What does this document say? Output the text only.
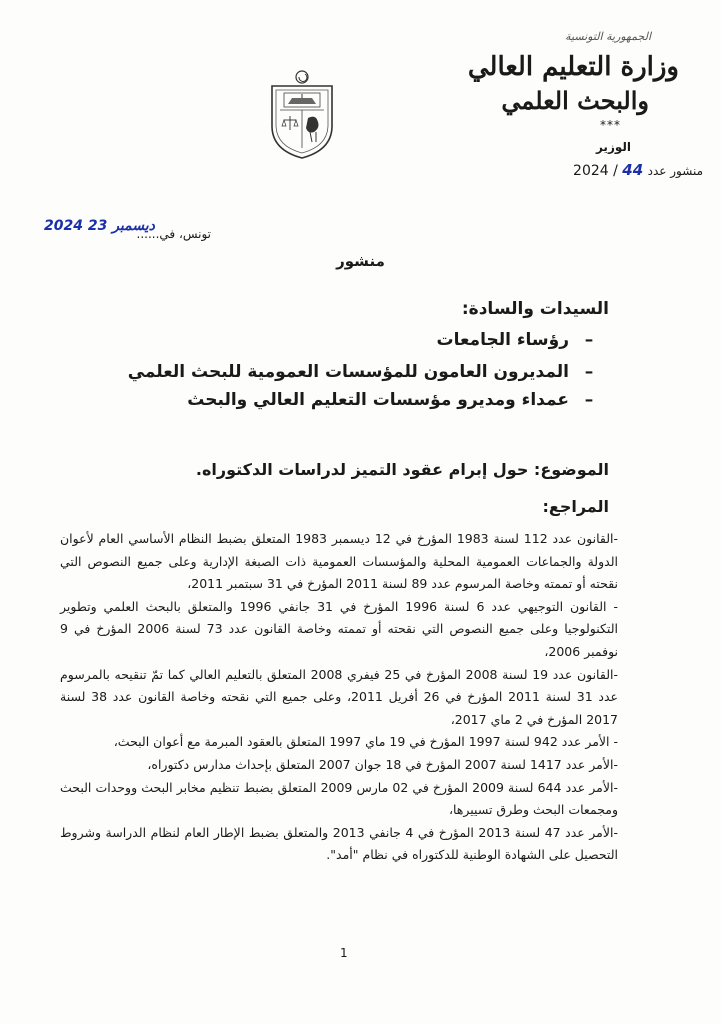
الجمهورية التونسية
وزارة التعليم العالي
والبحث العلمي
***
الوزير
منشور عدد 44 / 2024
تونس، في......
2024 23 ديسمبر
منشور
السيدات والسادة:
–رؤساء الجامعات
–المديرون العامون للمؤسسات العمومية للبحث العلمي
–عمداء ومديرو مؤسسات التعليم العالي والبحث
الموضوع: حول إبرام عقود التميز لدراسات الدكتوراه.
المراجع:

-القانون عدد 112 لسنة 1983 المؤرخ في 12 ديسمبر 1983 المتعلق بضبط النظام الأساسي العام لأعوان الدولة والجماعات العمومية المحلية والمؤسسات العمومية ذات الصبغة الإدارية وعلى جميع النصوص التي نقحته أو تممته وخاصة المرسوم عدد 89 لسنة 2011 المؤرخ في 31 سبتمبر 2011،

- القانون التوجيهي عدد 6 لسنة 1996 المؤرخ في 31 جانفي 1996 والمتعلق بالبحث العلمي وتطوير التكنولوجيا وعلى جميع النصوص التي نقحته أو تممته وخاصة القانون عدد 73 لسنة 2006 المؤرخ في 9 نوفمبر 2006،

-القانون عدد 19 لسنة 2008 المؤرخ في 25 فيفري 2008 المتعلق بالتعليم العالي كما تمّ تنقيحه بالمرسوم عدد 31 لسنة 2011 المؤرخ في 26 أفريل 2011، وعلى جميع التي نقحته وخاصة القانون عدد 38 لسنة 2017 المؤرخ في 2 ماي 2017،

- الأمر عدد 942 لسنة 1997 المؤرخ في 19 ماي 1997 المتعلق بالعقود المبرمة مع أعوان البحث،

-الأمر عدد 1417 لسنة 2007 المؤرخ في 18 جوان 2007 المتعلق بإحداث مدارس دكتوراه،

-الأمر عدد 644 لسنة 2009 المؤرخ في 02 مارس 2009 المتعلق بضبط تنظيم مخابر البحث ووحدات البحث ومجمعات البحث وطرق تسييرها،

-الأمر عدد 47 لسنة 2013 المؤرخ في 4 جانفي 2013 والمتعلق بضبط الإطار العام لنظام الدراسة وشروط التحصيل على الشهادة الوطنية للدكتوراه في نظام "أمد".

1
